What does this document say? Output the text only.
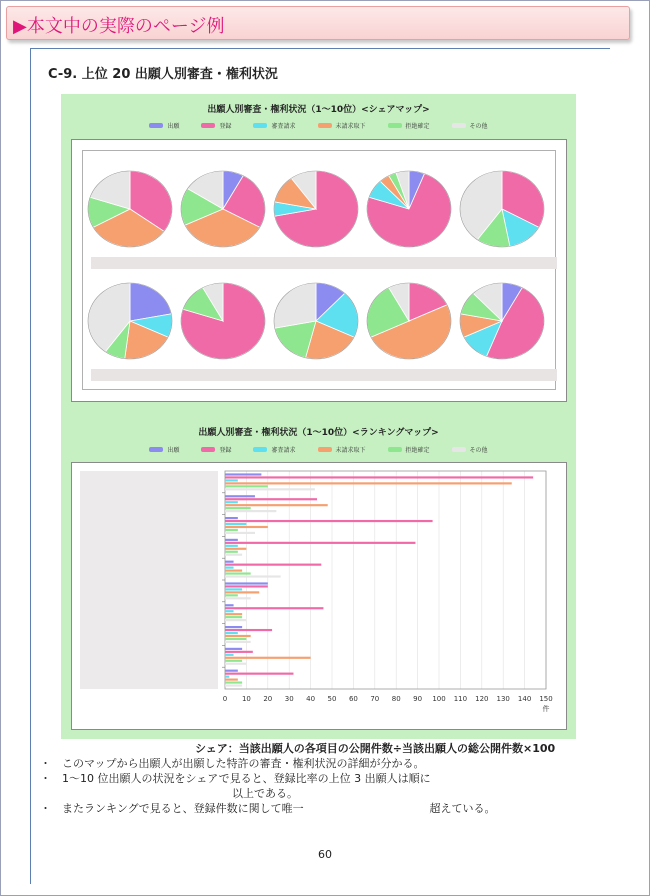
▶本文中の実際のページ例
C-9. 上位 20 出願人別審査・権利状況
出願人別審査・権利状況（1～10位）<シェアマップ>
出願	登録	審査請求	未請求取下	拒絶確定	その他
出願人別審査・権利状況（1～10位）<ランキングマップ>
出願	登録	審査請求	未請求取下	拒絶確定	その他
0 10 20 30 40 50 60 70 80 90 100 110 120 130 140 150
件
シェア：当該出願人の各項目の公開件数÷当該出願人の総公開件数×100
・	このマップから出願人が出願した特許の審査・権利状況の詳細が分かる。
・	1～10 位出願人の状況をシェアで見ると、登録比率の上位 3 出願人は順に
以上である。
・	またランキングで見ると、登録件数に関して唯一                                    超えている。
60
